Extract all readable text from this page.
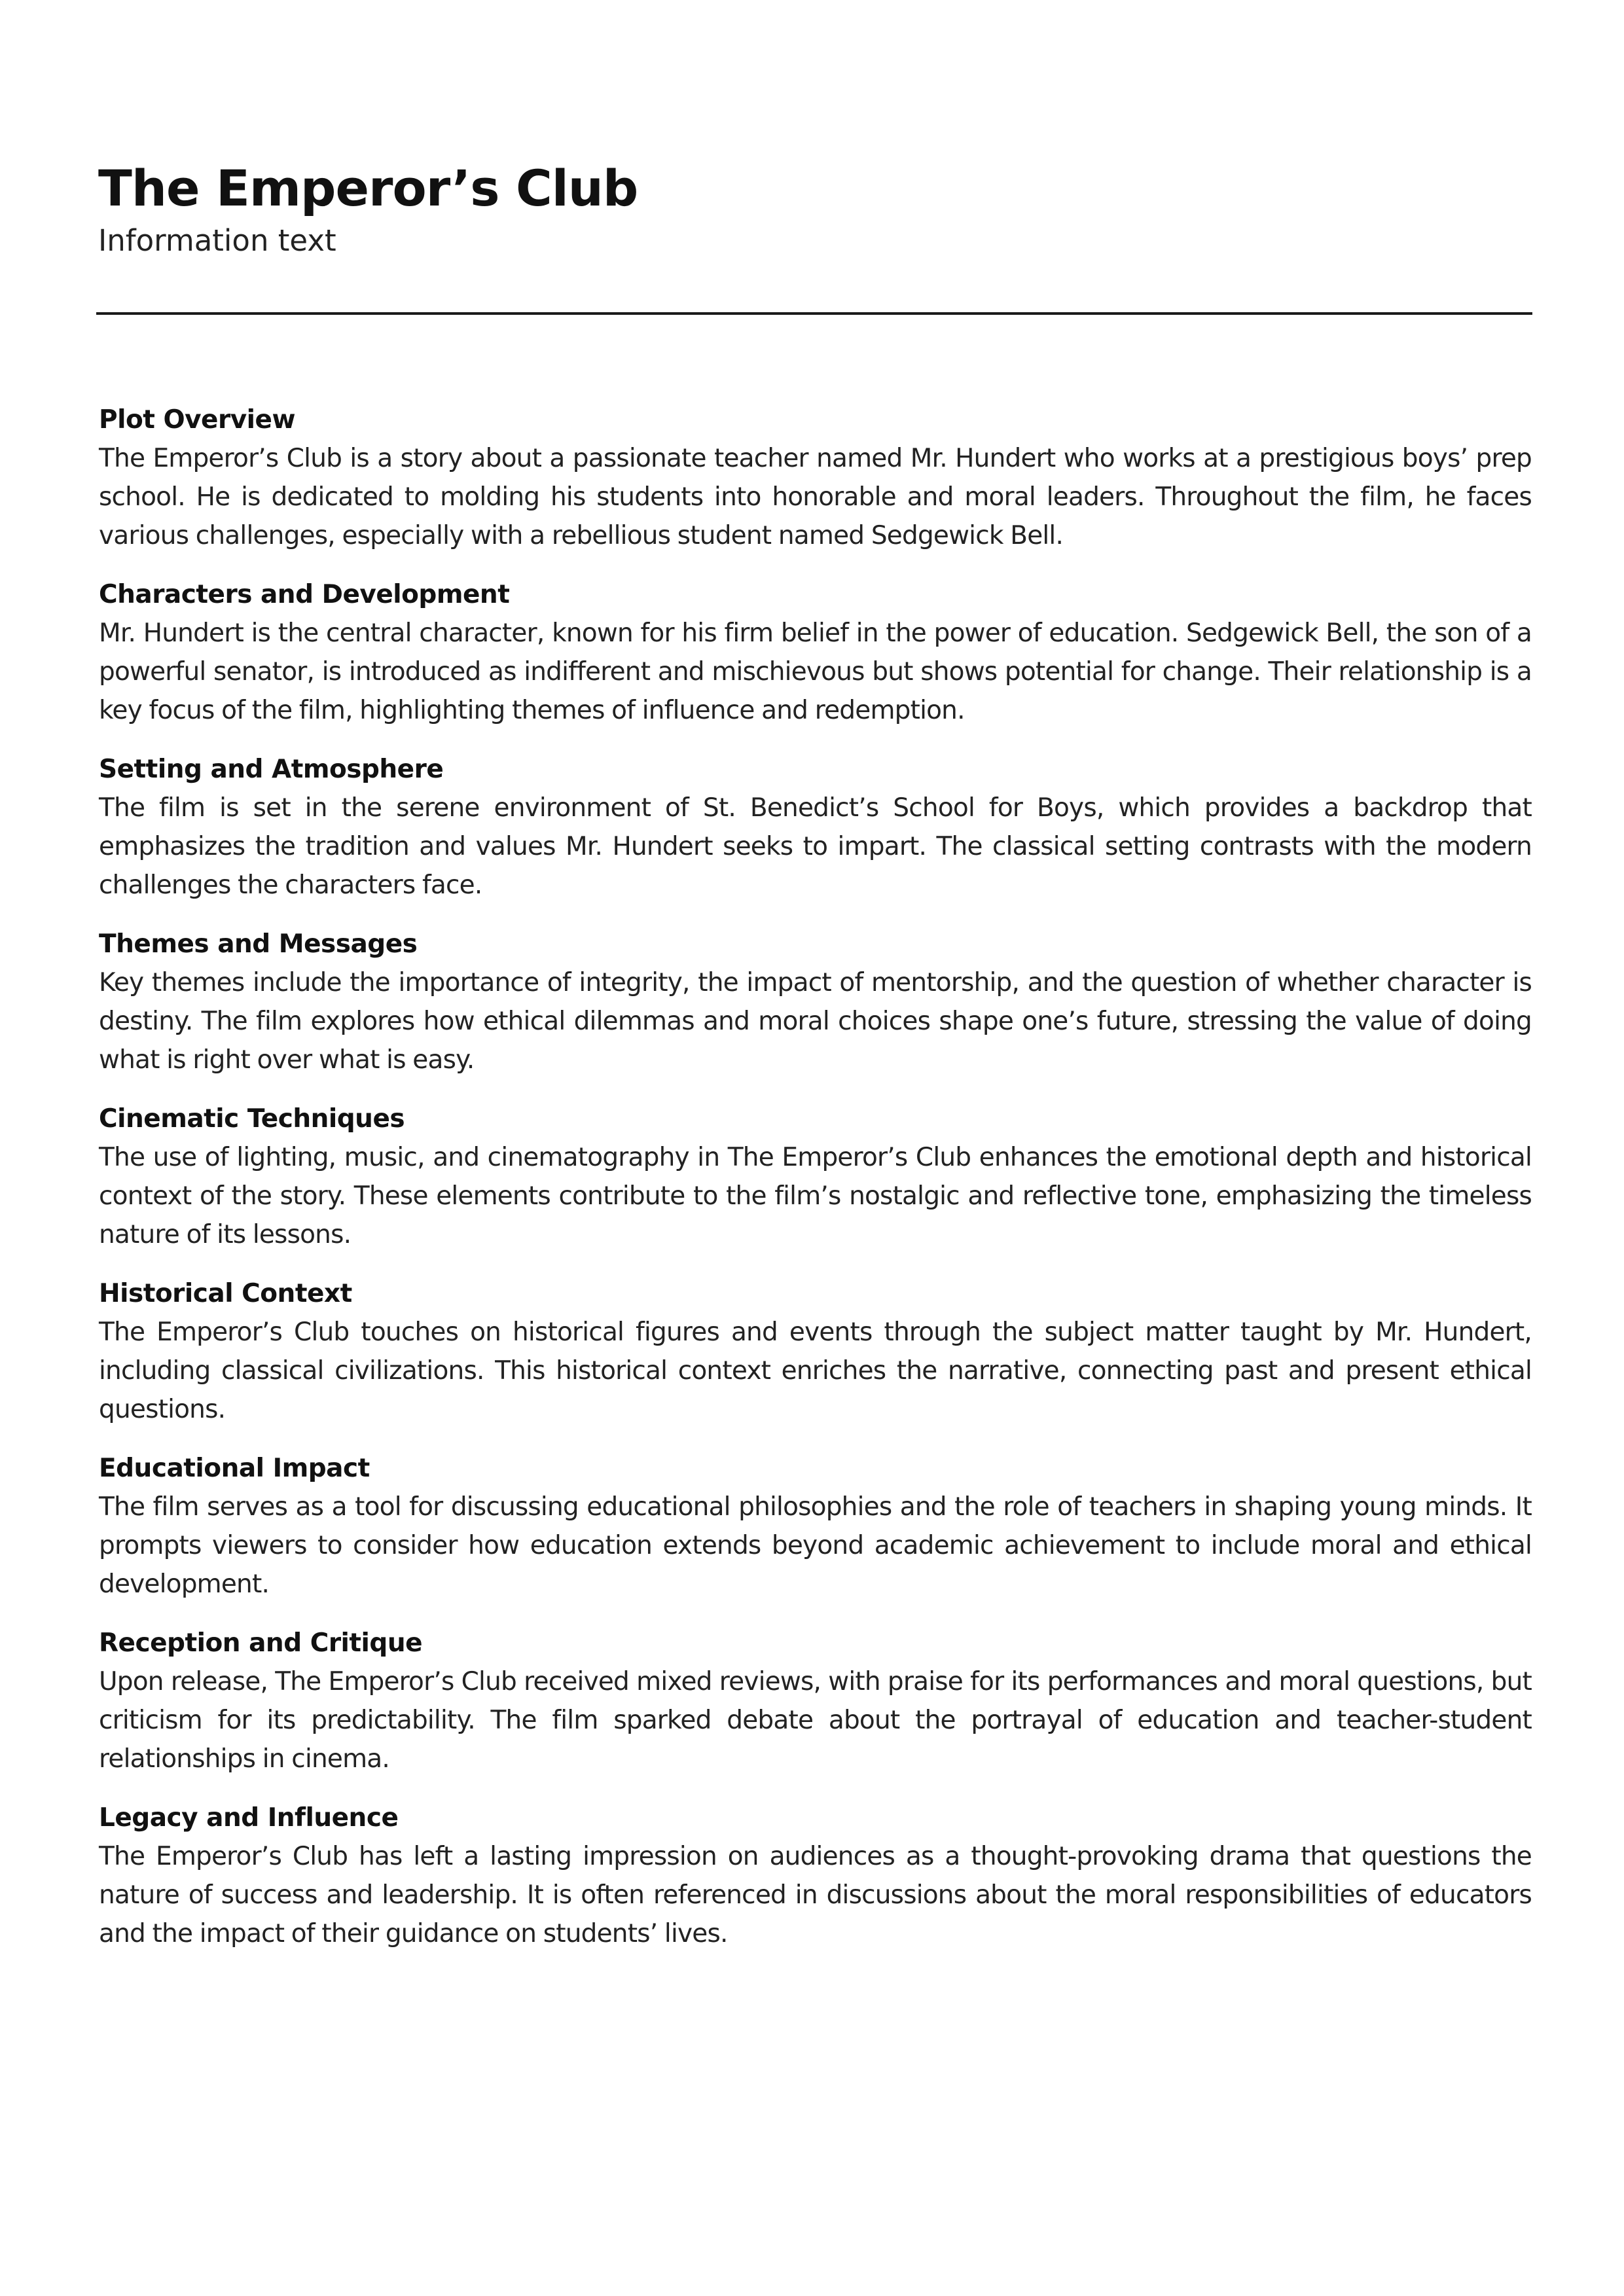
The Emperor’s Club

Information text

Plot Overview

The Emperor’s Club is a story about a passionate teacher named Mr. Hundert who works at a prestigious boys’ prep school. He is dedicated to molding his students into honorable and moral leaders. Throughout the film, he faces various challenges, especially with a rebellious student named Sedgewick Bell.

Characters and Development

Mr. Hundert is the central character, known for his firm belief in the power of education. Sedgewick Bell, the son of a powerful senator, is introduced as indifferent and mischievous but shows potential for change. Their relationship is a key focus of the film, highlighting themes of influence and redemption.

Setting and Atmosphere

The film is set in the serene environment of St. Benedict’s School for Boys, which provides a backdrop that emphasizes the tradition and values Mr. Hundert seeks to impart. The classical setting contrasts with the modern challenges the characters face.

Themes and Messages

Key themes include the importance of integrity, the impact of mentorship, and the question of whether character is destiny. The film explores how ethical dilemmas and moral choices shape one’s future, stressing the value of doing what is right over what is easy.

Cinematic Techniques

The use of lighting, music, and cinematography in The Emperor’s Club enhances the emotional depth and historical context of the story. These elements contribute to the film’s nostalgic and reflective tone, emphasizing the timeless nature of its lessons.

Historical Context

The Emperor’s Club touches on historical figures and events through the subject matter taught by Mr. Hundert, including classical civilizations. This historical context enriches the narrative, connecting past and present ethical questions.

Educational Impact

The film serves as a tool for discussing educational philosophies and the role of teachers in shaping young minds. It prompts viewers to consider how education extends beyond academic achievement to include moral and ethical development.

Reception and Critique

Upon release, The Emperor’s Club received mixed reviews, with praise for its performances and moral questions, but criticism for its predictability. The film sparked debate about the portrayal of education and teacher-student relationships in cinema.

Legacy and Influence

The Emperor’s Club has left a lasting impression on audiences as a thought-provoking drama that questions the nature of success and leadership. It is often referenced in discussions about the moral responsibilities of educators and the impact of their guidance on students’ lives.
